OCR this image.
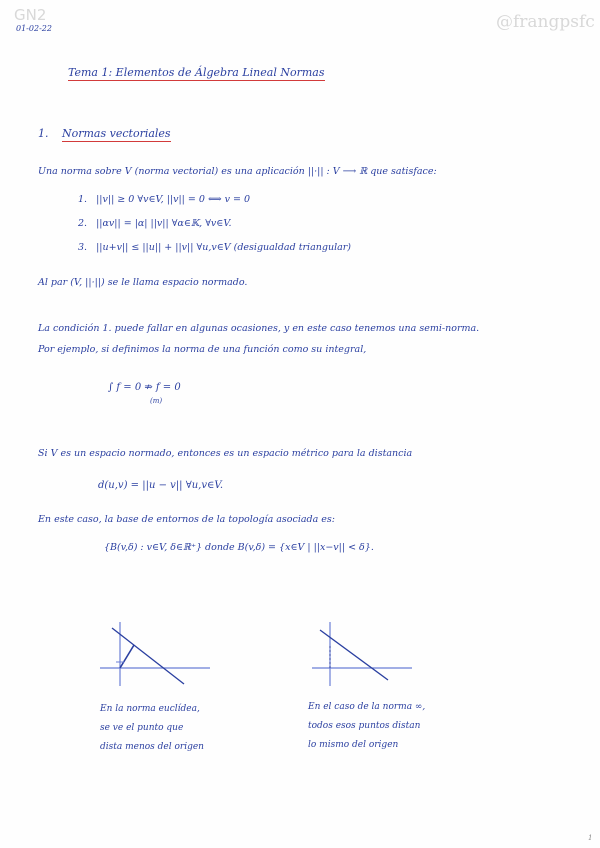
GN2	@frangpsfc
01-02-22
Tema 1: Elementos de Álgebra Lineal Normas
1. Normas vectoriales
Una norma sobre V (norma vectorial) es una aplicación ||·|| : V ⟶ ℝ que satisface:
1. ||v|| ≥ 0 ∀v∈V, ||v|| = 0 ⟺ v = 0
2. ||αv|| = |α| ||v|| ∀α∈𝕂, ∀v∈V.
3. ||u+v|| ≤ ||u|| + ||v|| ∀u,v∈V (desigualdad triangular)
Al par (V, ||·||) se le llama espacio normado.
La condición 1. puede fallar en algunas ocasiones, y en este caso tenemos una semi-norma.
Por ejemplo, si definimos la norma de una función como su integral,
∫ f = 0 ⇏ f = 0
(m)
Si V es un espacio normado, entonces es un espacio métrico para la distancia
d(u,v) = ||u − v|| ∀u,v∈V.
En este caso, la base de entornos de la topología asociada es:
{B(v,δ) : v∈V, δ∈ℝ⁺} donde B(v,δ) = {x∈V | ||x−v|| < δ}.
En la norma euclídea,
se ve el punto que
dista menos del origen
En el caso de la norma ∞,
todos esos puntos distan
lo mismo del origen
1
